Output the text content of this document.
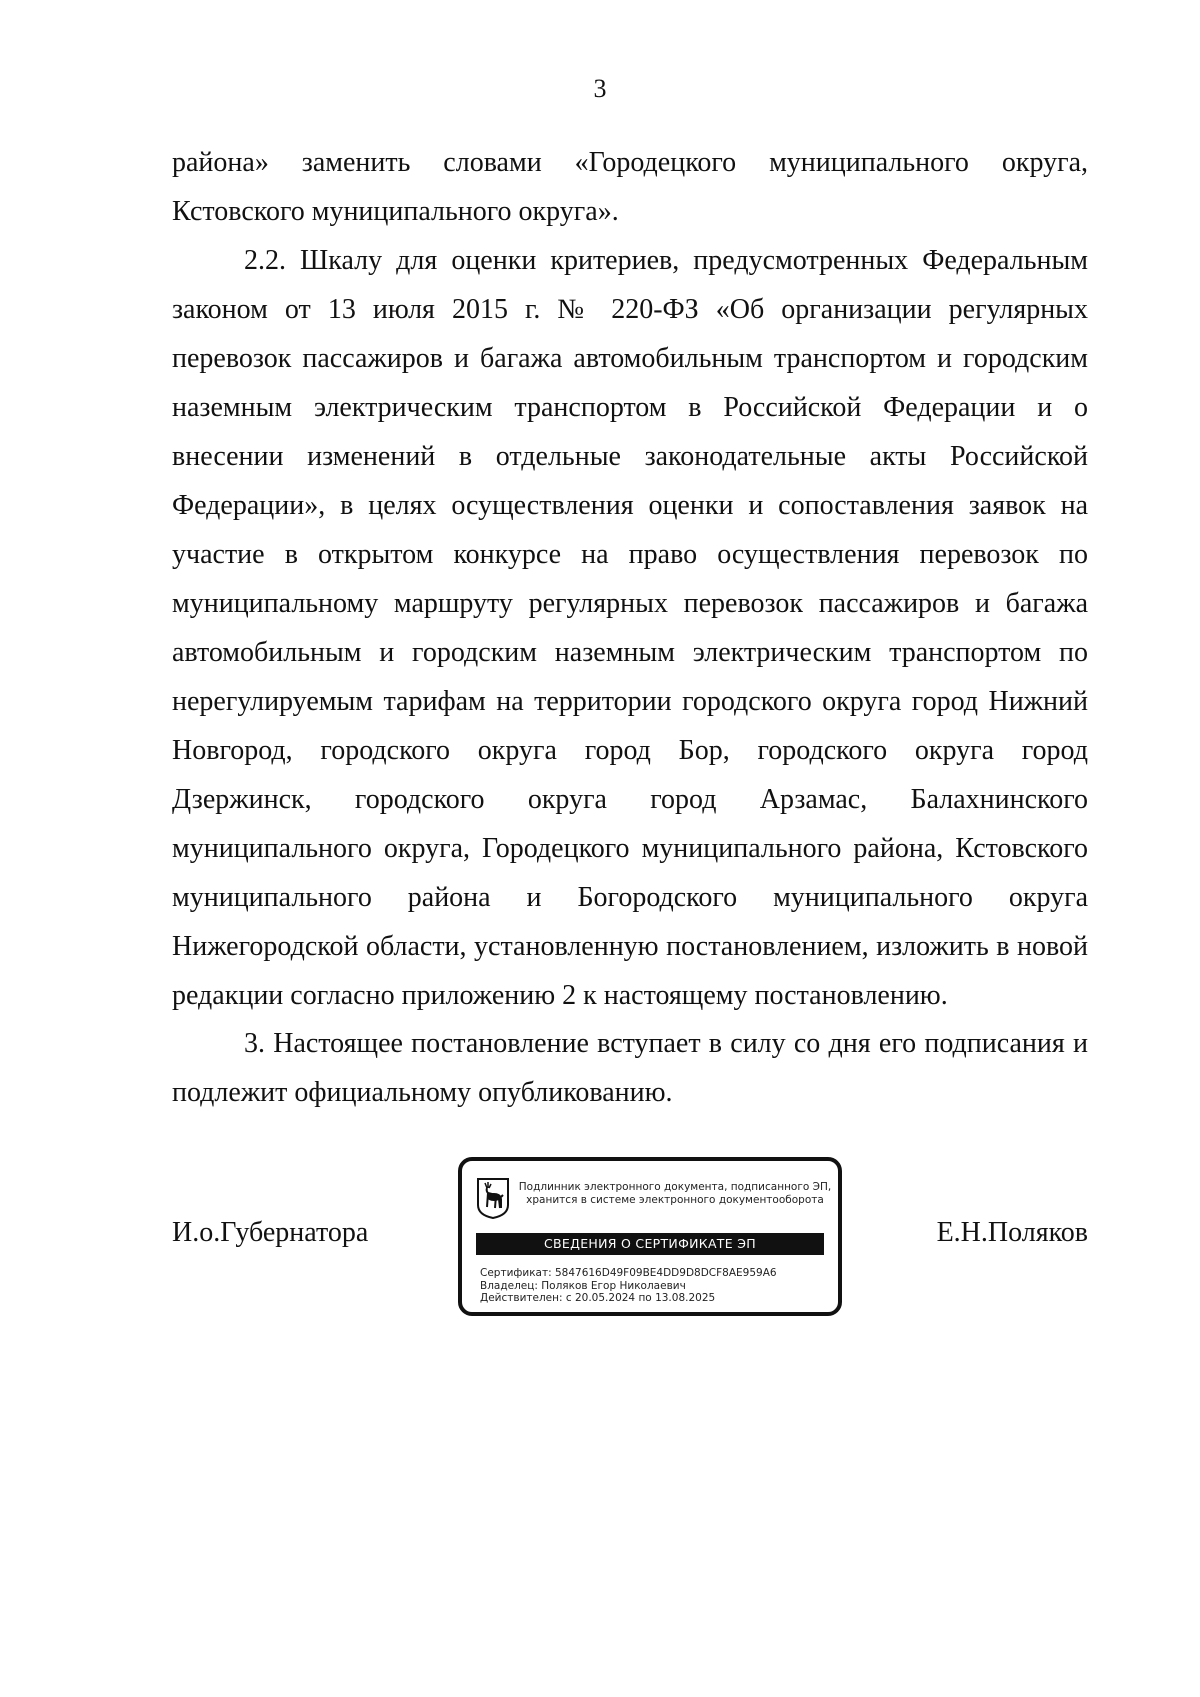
3

района» заменить словами «Городецкого муниципального округа, Кстовского муниципального округа».

2.2. Шкалу для оценки критериев, предусмотренных Федеральным законом от 13 июля 2015 г. № 220-ФЗ «Об организации регулярных перевозок пассажиров и багажа автомобильным транспортом и городским наземным электрическим транспортом в Российской Федерации и о внесении изменений в отдельные законодательные акты Российской Федерации», в целях осуществления оценки и сопоставления заявок на участие в открытом конкурсе на право осуществления перевозок по муниципальному маршруту регулярных перевозок пассажиров и багажа автомобильным и городским наземным электрическим транспортом по нерегулируемым тарифам на территории городского округа город Нижний Новгород, городского округа город Бор, городского округа город Дзержинск, городского округа город Арзамас, Балахнинского муниципального округа, Городецкого муниципального района, Кстовского муниципального района и Богородского муниципального округа Нижегородской области, установленную постановлением, изложить в новой редакции согласно приложению 2 к настоящему постановлению.

3. Настоящее постановление вступает в силу со дня его подписания и подлежит официальному опубликованию.

И.о.Губернатора
Подлинник электронного документа, подписанного ЭП,
хранится в системе электронного документооборота
СВЕДЕНИЯ О СЕРТИФИКАТЕ ЭП
Сертификат: 5847616D49F09BE4DD9D8DCF8AE959A6
Владелец: Поляков Егор Николаевич
Действителен: с 20.05.2024 по 13.08.2025
Е.Н.Поляков
